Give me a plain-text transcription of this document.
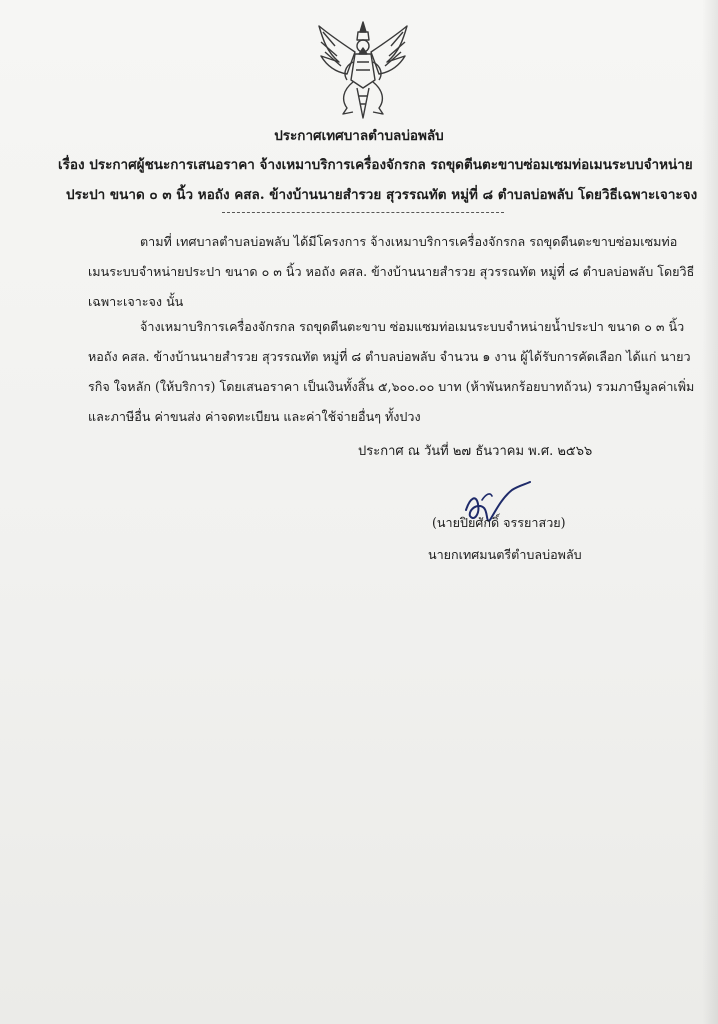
ประกาศเทศบาลตำบลบ่อพลับ
เรื่อง ประกาศผู้ชนะการเสนอราคา จ้างเหมาบริการเครื่องจักรกล รถขุดตีนตะขาบซ่อมเซมท่อเมนระบบจำหน่าย
ประปา ขนาด ๐ ๓ นิ้ว หอถัง คสล. ข้างบ้านนายสำรวย สุวรรณทัต หมู่ที่ ๘ ตำบลบ่อพลับ โดยวิธีเฉพาะเจาะจง
ตามที่ เทศบาลตำบลบ่อพลับ ได้มีโครงการ จ้างเหมาบริการเครื่องจักรกล รถขุดตีนตะขาบซ่อมเซมท่อ
เมนระบบจำหน่ายประปา ขนาด ๐ ๓ นิ้ว หอถัง คสล. ข้างบ้านนายสำรวย สุวรรณทัต หมู่ที่ ๘ ตำบลบ่อพลับ โดยวิธี
เฉพาะเจาะจง นั้น
จ้างเหมาบริการเครื่องจักรกล รถขุดตีนตะขาบ ซ่อมแซมท่อเมนระบบจำหน่ายน้ำประปา ขนาด ๐ ๓ นิ้ว
หอถัง คสล. ข้างบ้านนายสำรวย สุวรรณทัต หมู่ที่ ๘ ตำบลบ่อพลับ จำนวน ๑ งาน ผู้ได้รับการคัดเลือก ได้แก่ นายว
รกิจ ใจหลัก (ให้บริการ) โดยเสนอราคา เป็นเงินทั้งสิ้น ๕,๖๐๐.๐๐ บาท (ห้าพันหกร้อยบาทถ้วน) รวมภาษีมูลค่าเพิ่ม
และภาษีอื่น ค่าขนส่ง ค่าจดทะเบียน และค่าใช้จ่ายอื่นๆ ทั้งปวง
ประกาศ ณ วันที่ ๒๗ ธันวาคม พ.ศ. ๒๕๖๖
(นายปิยศักดิ์ จรรยาสวย)
นายกเทศมนตรีตำบลบ่อพลับ
